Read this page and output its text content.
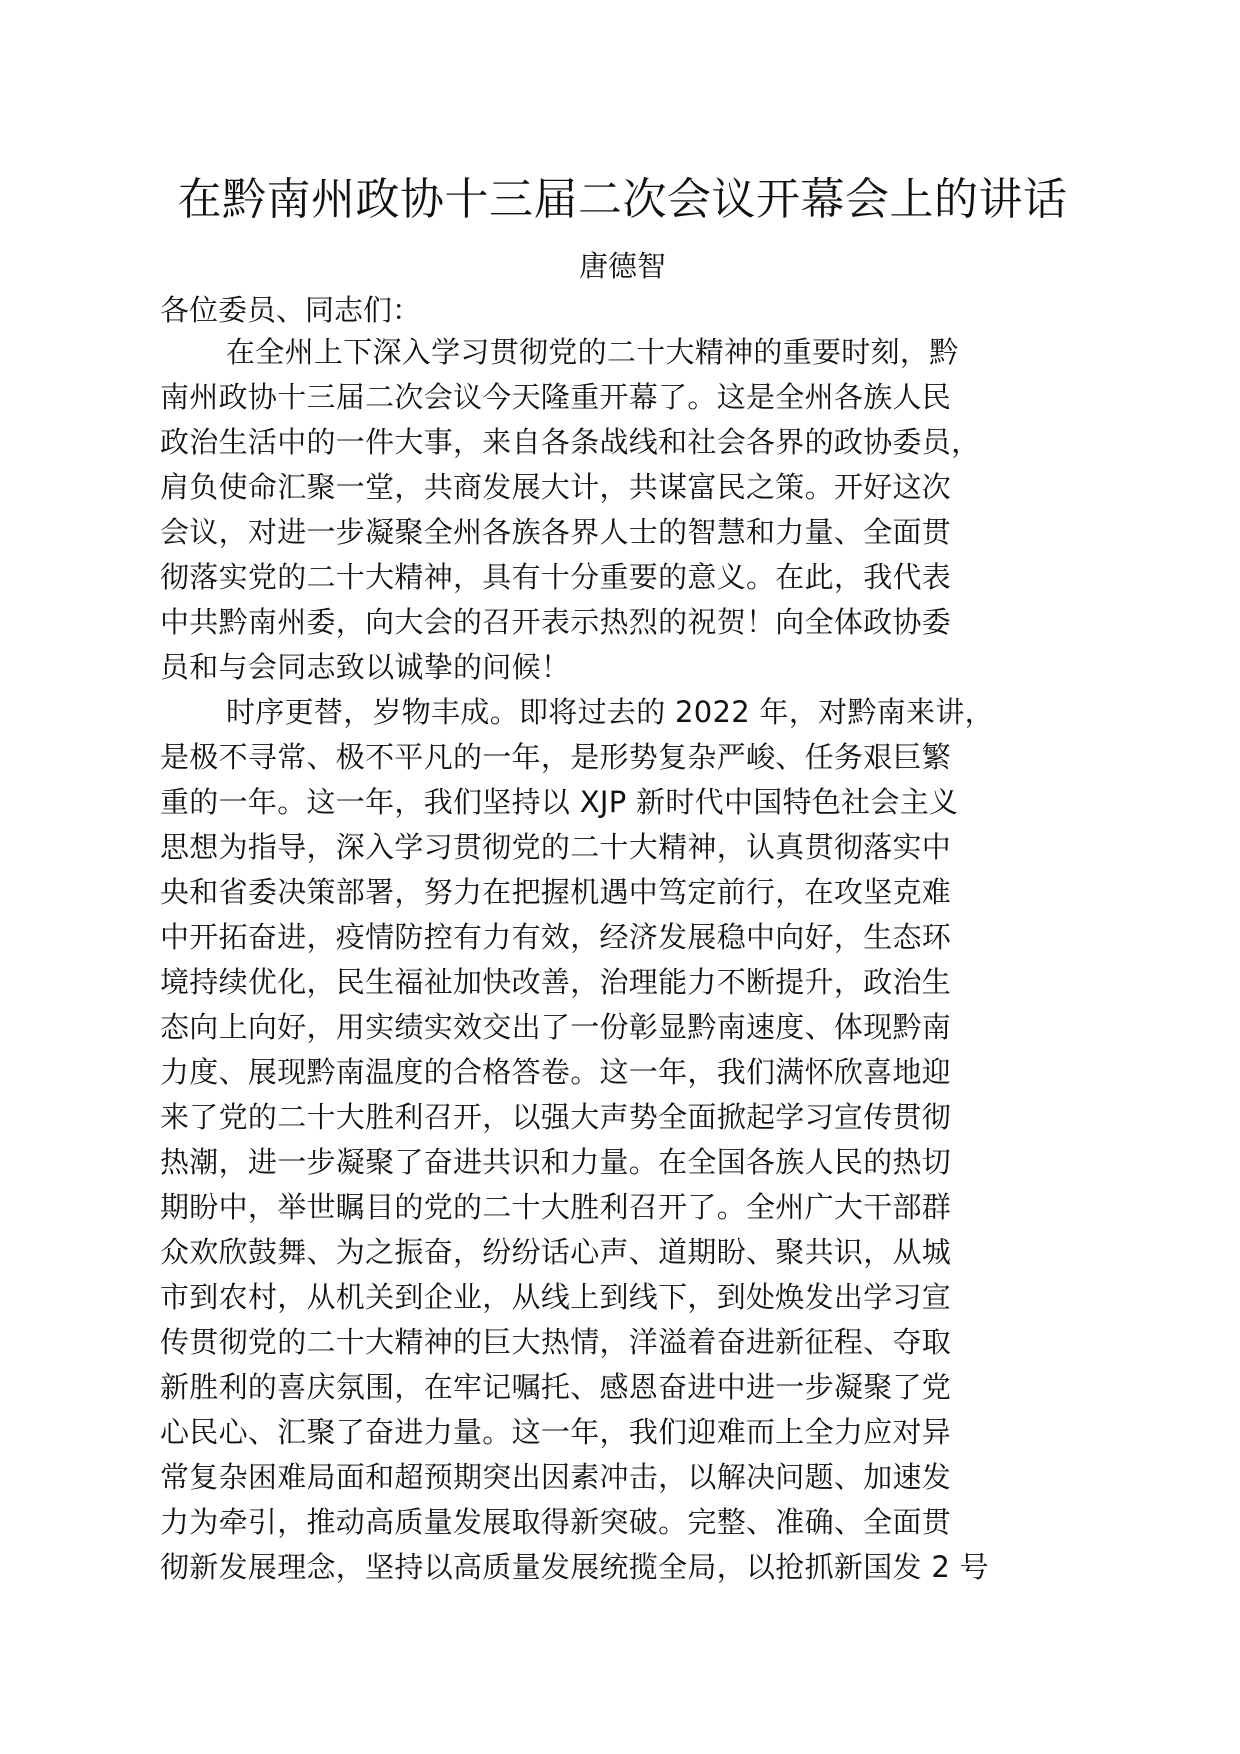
在黔南州政协十三届二次会议开幕会上的讲话

唐德智

各位委员、同志们：

在全州上下深入学习贯彻党的二十大精神的重要时刻，黔
南州政协十三届二次会议今天隆重开幕了。这是全州各族人民
政治生活中的一件大事，来自各条战线和社会各界的政协委员，
肩负使命汇聚一堂，共商发展大计，共谋富民之策。开好这次
会议，对进一步凝聚全州各族各界人士的智慧和力量、全面贯
彻落实党的二十大精神，具有十分重要的意义。在此，我代表
中共黔南州委，向大会的召开表示热烈的祝贺！向全体政协委
员和与会同志致以诚挚的问候！

时序更替，岁物丰成。即将过去的 2022 年，对黔南来讲，
是极不寻常、极不平凡的一年，是形势复杂严峻、任务艰巨繁
重的一年。这一年，我们坚持以 XJP 新时代中国特色社会主义
思想为指导，深入学习贯彻党的二十大精神，认真贯彻落实中
央和省委决策部署，努力在把握机遇中笃定前行，在攻坚克难
中开拓奋进，疫情防控有力有效，经济发展稳中向好，生态环
境持续优化，民生福祉加快改善，治理能力不断提升，政治生
态向上向好，用实绩实效交出了一份彰显黔南速度、体现黔南
力度、展现黔南温度的合格答卷。这一年，我们满怀欣喜地迎
来了党的二十大胜利召开，以强大声势全面掀起学习宣传贯彻
热潮，进一步凝聚了奋进共识和力量。在全国各族人民的热切
期盼中，举世瞩目的党的二十大胜利召开了。全州广大干部群
众欢欣鼓舞、为之振奋，纷纷话心声、道期盼、聚共识，从城
市到农村，从机关到企业，从线上到线下，到处焕发出学习宣
传贯彻党的二十大精神的巨大热情，洋溢着奋进新征程、夺取
新胜利的喜庆氛围，在牢记嘱托、感恩奋进中进一步凝聚了党
心民心、汇聚了奋进力量。这一年，我们迎难而上全力应对异
常复杂困难局面和超预期突出因素冲击，以解决问题、加速发
力为牵引，推动高质量发展取得新突破。完整、准确、全面贯
彻新发展理念，坚持以高质量发展统揽全局，以抢抓新国发 2 号
